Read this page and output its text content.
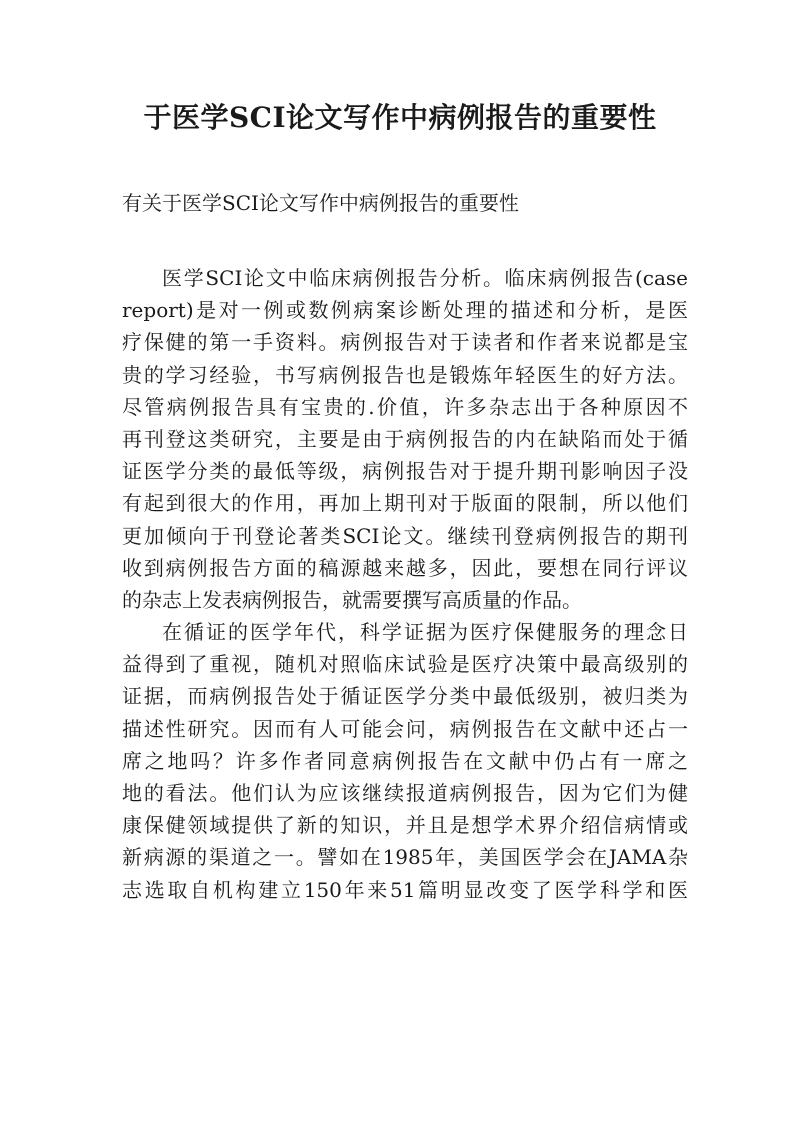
于医学SCI论文写作中病例报告的重要性

有关于医学SCI论文写作中病例报告的重要性

医学SCI论文中临床病例报告分析。临床病例报告(case
report)是对一例或数例病案诊断处理的描述和分析，是医
疗保健的第一手资料。病例报告对于读者和作者来说都是宝
贵的学习经验，书写病例报告也是锻炼年轻医生的好方法。
尽管病例报告具有宝贵的.价值，许多杂志出于各种原因不
再刊登这类研究，主要是由于病例报告的内在缺陷而处于循
证医学分类的最低等级，病例报告对于提升期刊影响因子没
有起到很大的作用，再加上期刊对于版面的限制，所以他们
更加倾向于刊登论著类SCI论文。继续刊登病例报告的期刊
收到病例报告方面的稿源越来越多，因此，要想在同行评议
的杂志上发表病例报告，就需要撰写高质量的作品。
在循证的医学年代，科学证据为医疗保健服务的理念日
益得到了重视，随机对照临床试验是医疗决策中最高级别的
证据，而病例报告处于循证医学分类中最低级别，被归类为
描述性研究。因而有人可能会问，病例报告在文献中还占一
席之地吗？许多作者同意病例报告在文献中仍占有一席之
地的看法。他们认为应该继续报道病例报告，因为它们为健
康保健领域提供了新的知识，并且是想学术界介绍信病情或
新病源的渠道之一。譬如在1985年，美国医学会在JAMA杂
志选取自机构建立150年来51篇明显改变了医学科学和医
